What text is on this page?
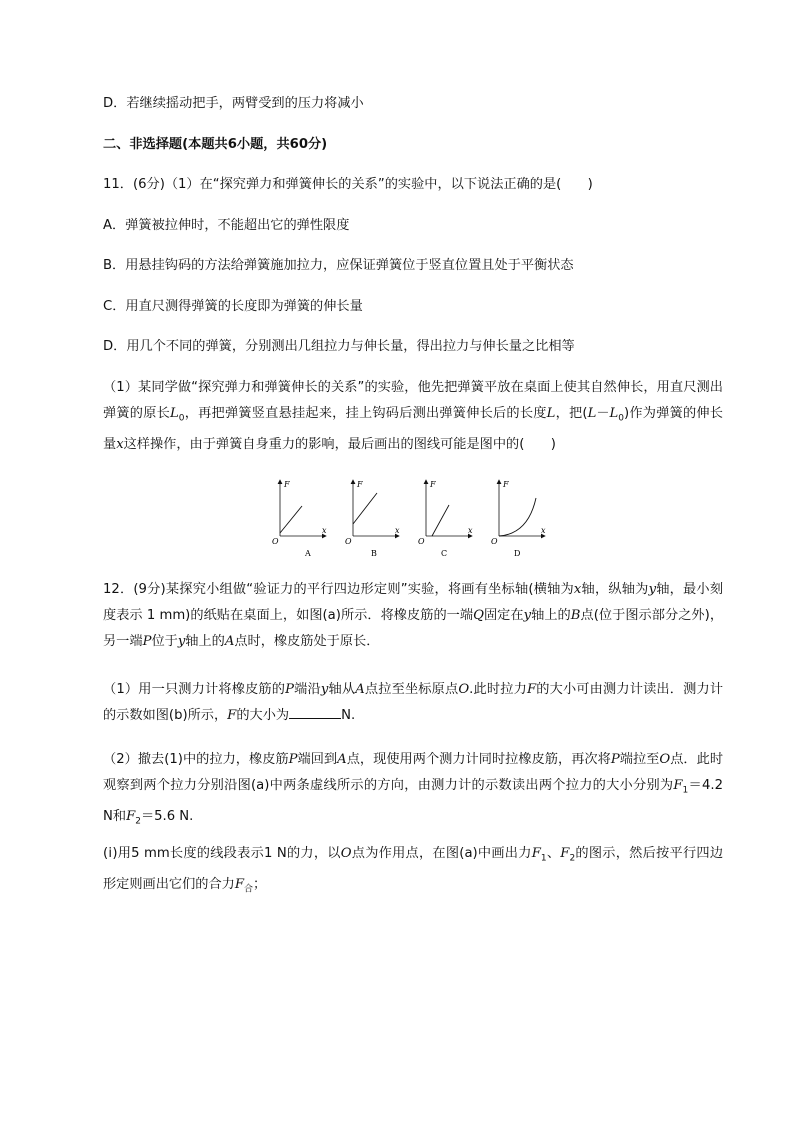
D．若继续摇动把手，两臂受到的压力将减小
二、非选择题(本题共6小题，共60分)
11．(6分)（1）在“探究弹力和弹簧伸长的关系”的实验中，以下说法正确的是(　　)
A．弹簧被拉伸时，不能超出它的弹性限度
B．用悬挂钩码的方法给弹簧施加拉力，应保证弹簧位于竖直位置且处于平衡状态
C．用直尺测得弹簧的长度即为弹簧的伸长量
D．用几个不同的弹簧，分别测出几组拉力与伸长量，得出拉力与伸长量之比相等
（1）某同学做“探究弹力和弹簧伸长的关系”的实验，他先把弹簧平放在桌面上使其自然伸长，用直尺测出弹簧的原长$L_0$，再把弹簧竖直悬挂起来，挂上钩码后测出弹簧伸长后的长度L，把$(L-L_0)$作为弹簧的伸长量x这样操作，由于弹簧自身重力的影响，最后画出的图线可能是图中的(　　)
F
x
O
A
F
x
O
B
F
x
O
C
F
x
O
D
12．(9分)某探究小组做“验证力的平行四边形定则”实验，将画有坐标轴(横轴为x轴，纵轴为y轴，最小刻度表示 1 mm)的纸贴在桌面上，如图(a)所示．将橡皮筋的一端Q固定在y轴上的B点(位于图示部分之外)，另一端P位于y轴上的A点时，橡皮筋处于原长．
（1）用一只测力计将橡皮筋的P端沿y轴从A点拉至坐标原点O.此时拉力F的大小可由测力计读出．测力计的示数如图(b)所示，F的大小为	N.
（2）撤去(1)中的拉力，橡皮筋P端回到A点，现使用两个测力计同时拉橡皮筋，再次将P端拉至O点．此时观察到两个拉力分别沿图(a)中两条虚线所示的方向，由测力计的示数读出两个拉力的大小分别为$F_1=4.2$ N和$F_2=5.6$ N.
(ⅰ)用5 mm长度的线段表示1 N的力，以O点为作用点，在图(a)中画出力$F_1$、$F_2$的图示，然后按平行四边形定则画出它们的合力$F_合$；
